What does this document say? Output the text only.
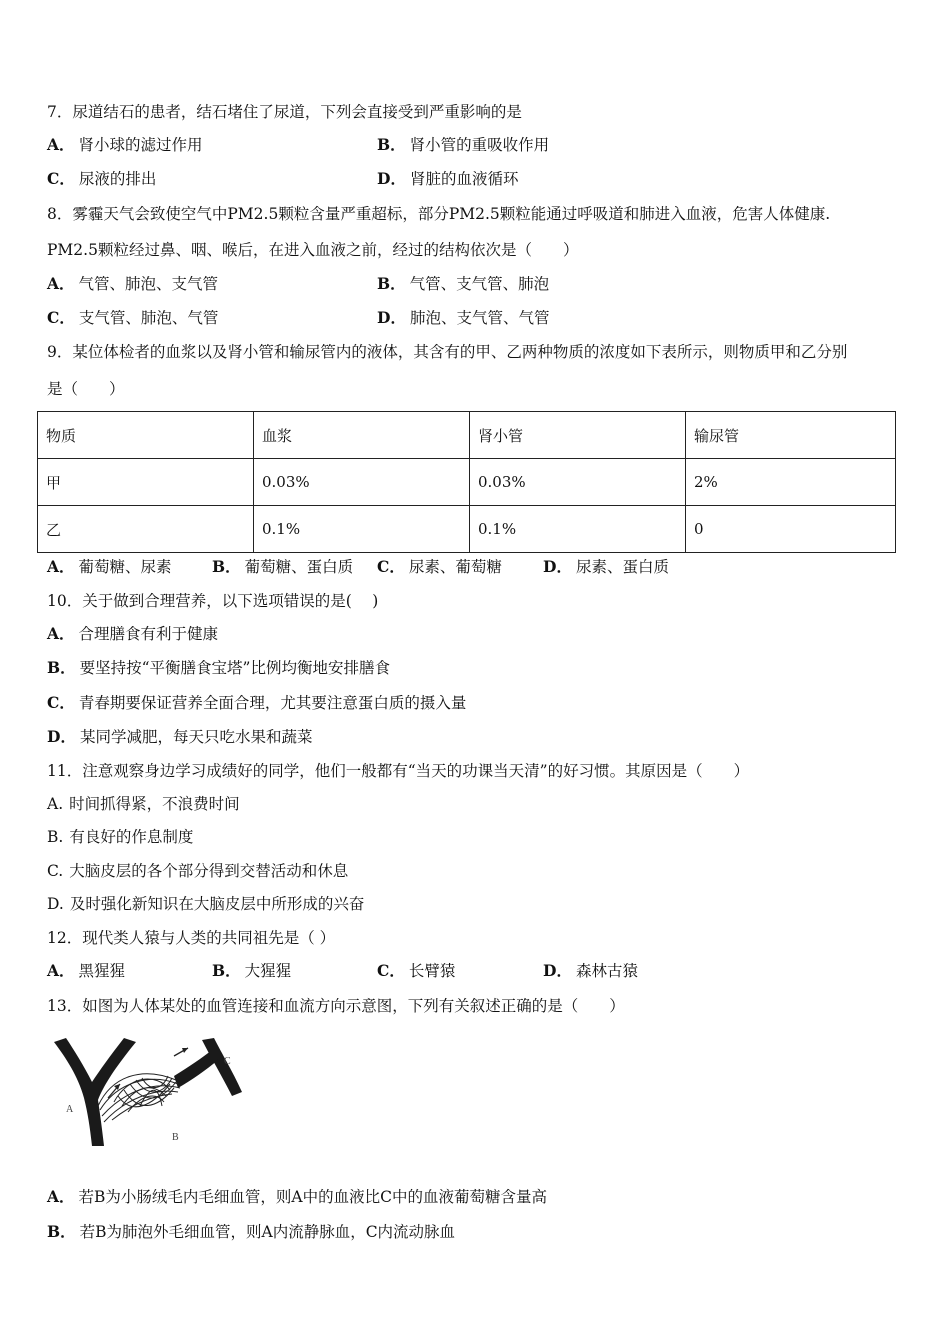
7．尿道结石的患者，结石堵住了尿道，下列会直接受到严重影响的是
A． 肾小球的滤过作用	B． 肾小管的重吸收作用
C． 尿液的排出	D． 肾脏的血液循环
8．雾霾天气会致使空气中PM2.5颗粒含量严重超标，部分PM2.5颗粒能通过呼吸道和肺进入血液，危害人体健康.
PM2.5颗粒经过鼻、咽、喉后，在进入血液之前，经过的结构依次是（　　）
A． 气管、肺泡、支气管	B． 气管、支气管、肺泡
C． 支气管、肺泡、气管	D． 肺泡、支气管、气管
9．某位体检者的血浆以及肾小管和输尿管内的液体，其含有的甲、乙两种物质的浓度如下表所示，则物质甲和乙分别
是（　　）
物质	血浆	肾小管	输尿管
甲	0.03%	0.03%	2%
乙	0.1%	0.1%	0
A． 葡萄糖、尿素	B． 葡萄糖、蛋白质 C． 尿素、葡萄糖	D． 尿素、蛋白质
10．关于做到合理营养，以下选项错误的是(　 )
A． 合理膳食有利于健康
B． 要坚持按“平衡膳食宝塔”比例均衡地安排膳食
C． 青春期要保证营养全面合理，尤其要注意蛋白质的摄入量
D． 某同学减肥，每天只吃水果和蔬菜
11．注意观察身边学习成绩好的同学，他们一般都有“当天的功课当天清”的好习惯。其原因是（　　）
A. 时间抓得紧，不浪费时间
B. 有良好的作息制度
C. 大脑皮层的各个部分得到交替活动和休息
D. 及时强化新知识在大脑皮层中所形成的兴奋
12．现代类人猿与人类的共同祖先是（ ）
A． 黑猩猩	B． 大猩猩	C． 长臂猿	D． 森林古猿
13．如图为人体某处的血管连接和血流方向示意图，下列有关叙述正确的是（　　）
A
B
C
A． 若B为小肠绒毛内毛细血管，则A中的血液比C中的血液葡萄糖含量高
B． 若B为肺泡外毛细血管，则A内流静脉血，C内流动脉血
